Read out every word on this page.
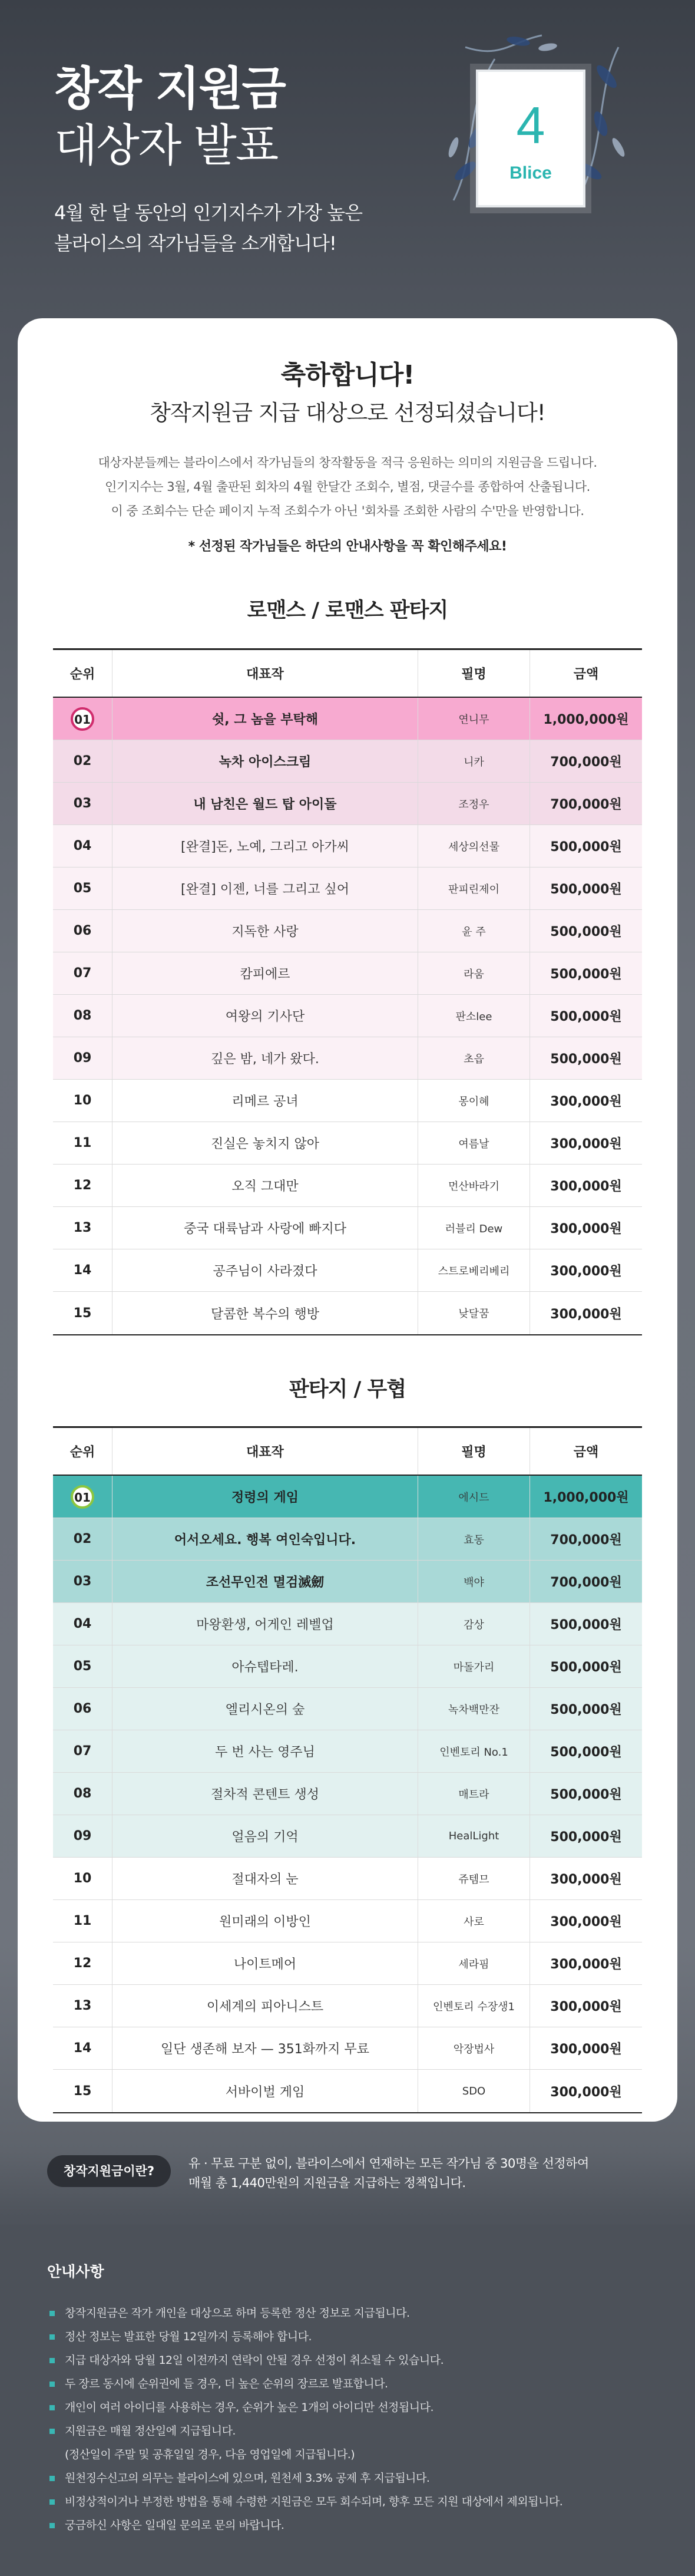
창작 지원금
대상자 발표
4월 한 달 동안의 인기지수가 가장 높은
블라이스의 작가님들을 소개합니다!
4
Blice
축하합니다!
창작지원금 지급 대상으로 선정되셨습니다!
대상자분들께는 블라이스에서 작가님들의 창작활동을 적극 응원하는 의미의 지원금을 드립니다.
인기지수는 3월, 4월 출판된 회차의 4월 한달간 조회수, 별점, 댓글수를 종합하여 산출됩니다.
이 중 조회수는 단순 페이지 누적 조회수가 아닌 '회차를 조회한 사람의 수'만을 반영합니다.
* 선정된 작가님들은 하단의 안내사항을 꼭 확인해주세요!
로맨스 / 로맨스 판타지
순위	대표작	필명	금액
01	쉿, 그 놈을 부탁해	연니무	1,000,000원
02	녹차 아이스크림	니카	700,000원
03	내 남친은 월드 탑 아이돌	조정우	700,000원
04	[완결]돈, 노예, 그리고 아가씨	세상의선물	500,000원
05	[완결] 이젠, 너를 그리고 싶어	판피린제이	500,000원
06	지독한 사랑	윤 주	500,000원
07	캄피에르	라움	500,000원
08	여왕의 기사단	판소lee	500,000원
09	깊은 밤, 네가 왔다.	초읍	500,000원
10	리메르 공녀	몽이혜	300,000원
11	진실은 놓치지 않아	여름날	300,000원
12	오직 그대만	먼산바라기	300,000원
13	중국 대륙남과 사랑에 빠지다	러블리 Dew	300,000원
14	공주님이 사라졌다	스트로베리베리	300,000원
15	달콤한 복수의 행방	낮달꿈	300,000원
판타지 / 무협
순위	대표작	필명	금액
01	정령의 게임	에시드	1,000,000원
02	어서오세요. 행복 여인숙입니다.	효동	700,000원
03	조선무인전 멸검滅劒	백야	700,000원
04	마왕환생, 어게인 레벨업	감상	500,000원
05	아슈텝타레.	마돌가리	500,000원
06	엘리시온의 숲	녹차백만잔	500,000원
07	두 번 사는 영주님	인벤토리 No.1	500,000원
08	절차적 콘텐트 생성	매트라	500,000원
09	얼음의 기억	HealLight	500,000원
10	절대자의 눈	쥬템므	300,000원
11	원미래의 이방인	사로	300,000원
12	나이트메어	세라핌	300,000원
13	이세계의 피아니스트	인벤토리 수장생1	300,000원
14	일단 생존해 보자 — 351화까지 무료	악장법사	300,000원
15	서바이벌 게임	SDO	300,000원
창작지원금이란?
유 · 무료 구분 없이, 블라이스에서 연재하는 모든 작가님 중 30명을 선정하여
매월 총 1,440만원의 지원금을 지급하는 정책입니다.
안내사항
창작지원금은 작가 개인을 대상으로 하며 등록한 정산 정보로 지급됩니다.
정산 정보는 발표한 당월 12일까지 등록해야 합니다.
지급 대상자와 당월 12일 이전까지 연락이 안될 경우 선정이 취소될 수 있습니다.
두 장르 동시에 순위권에 들 경우, 더 높은 순위의 장르로 발표합니다.
개인이 여러 아이디를 사용하는 경우, 순위가 높은 1개의 아이디만 선정됩니다.
지원금은 매월 정산일에 지급됩니다.
(정산일이 주말 및 공휴일일 경우, 다음 영업일에 지급됩니다.)
원천징수신고의 의무는 블라이스에 있으며, 원천세 3.3% 공제 후 지급됩니다.
비정상적이거나 부정한 방법을 통해 수령한 지원금은 모두 회수되며, 향후 모든 지원 대상에서 제외됩니다.
궁금하신 사항은 일대일 문의로 문의 바랍니다.
